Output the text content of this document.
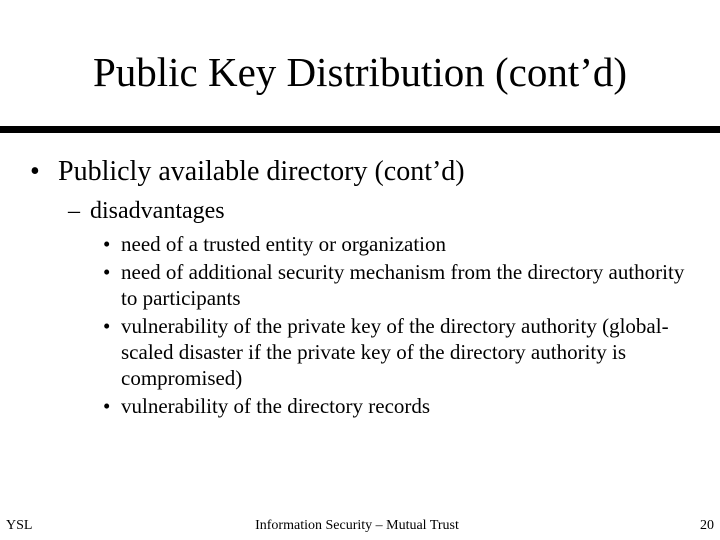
Public Key Distribution (cont’d)
• Publicly available directory (cont’d)
– disadvantages
• need of a trusted entity or organization
• need of additional security mechanism from the directory authority to participants
• vulnerability of the private key of the directory authority (global-scaled disaster if the private key of the directory authority is compromised)
• vulnerability of the directory records
YSL	Information Security – Mutual Trust	20
